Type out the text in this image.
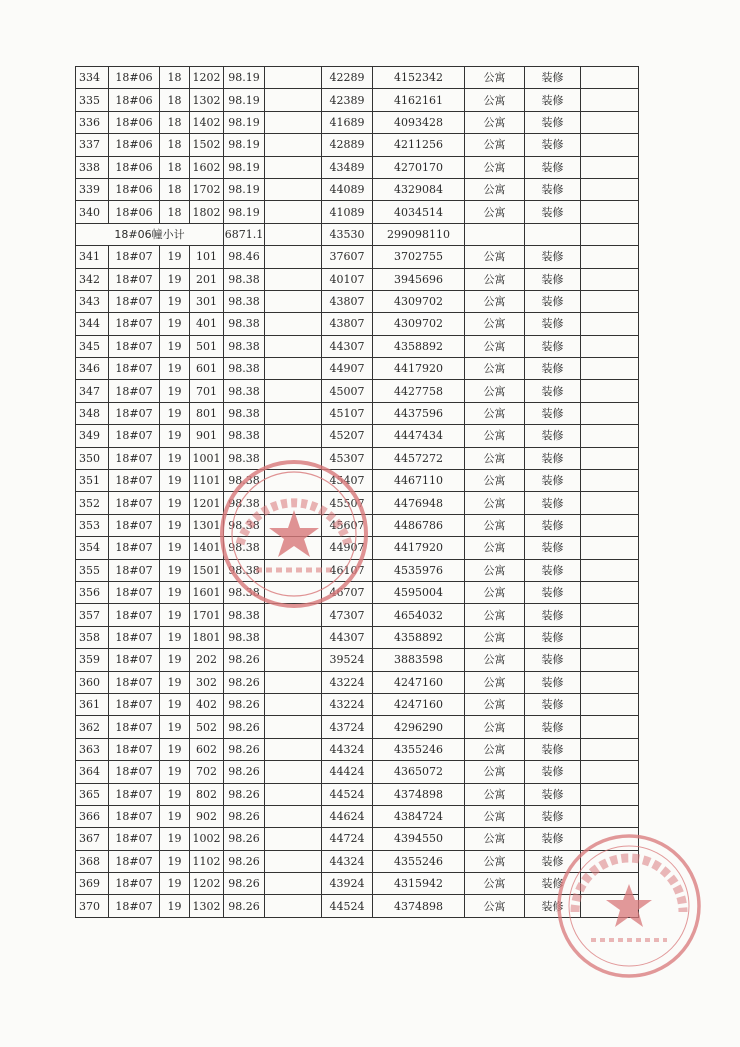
334	18#06	18	1202	98.19		42289	4152342	公寓	装修	
335	18#06	18	1302	98.19		42389	4162161	公寓	装修	
336	18#06	18	1402	98.19		41689	4093428	公寓	装修	
337	18#06	18	1502	98.19		42889	4211256	公寓	装修	
338	18#06	18	1602	98.19		43489	4270170	公寓	装修	
339	18#06	18	1702	98.19		44089	4329084	公寓	装修	
340	18#06	18	1802	98.19		41089	4034514	公寓	装修	
18#06幢小计				6871.1		43530	299098110			
341	18#07	19	101	98.46		37607	3702755	公寓	装修	
342	18#07	19	201	98.38		40107	3945696	公寓	装修	
343	18#07	19	301	98.38		43807	4309702	公寓	装修	
344	18#07	19	401	98.38		43807	4309702	公寓	装修	
345	18#07	19	501	98.38		44307	4358892	公寓	装修	
346	18#07	19	601	98.38		44907	4417920	公寓	装修	
347	18#07	19	701	98.38		45007	4427758	公寓	装修	
348	18#07	19	801	98.38		45107	4437596	公寓	装修	
349	18#07	19	901	98.38		45207	4447434	公寓	装修	
350	18#07	19	1001	98.38		45307	4457272	公寓	装修	
351	18#07	19	1101	98.38		45407	4467110	公寓	装修	
352	18#07	19	1201	98.38		45507	4476948	公寓	装修	
353	18#07	19	1301	98.38		45607	4486786	公寓	装修	
354	18#07	19	1401	98.38		44907	4417920	公寓	装修	
355	18#07	19	1501	98.38		46107	4535976	公寓	装修	
356	18#07	19	1601	98.38		46707	4595004	公寓	装修	
357	18#07	19	1701	98.38		47307	4654032	公寓	装修	
358	18#07	19	1801	98.38		44307	4358892	公寓	装修	
359	18#07	19	202	98.26		39524	3883598	公寓	装修	
360	18#07	19	302	98.26		43224	4247160	公寓	装修	
361	18#07	19	402	98.26		43224	4247160	公寓	装修	
362	18#07	19	502	98.26		43724	4296290	公寓	装修	
363	18#07	19	602	98.26		44324	4355246	公寓	装修	
364	18#07	19	702	98.26		44424	4365072	公寓	装修	
365	18#07	19	802	98.26		44524	4374898	公寓	装修	
366	18#07	19	902	98.26		44624	4384724	公寓	装修	
367	18#07	19	1002	98.26		44724	4394550	公寓	装修	
368	18#07	19	1102	98.26		44324	4355246	公寓	装修	
369	18#07	19	1202	98.26		43924	4315942	公寓	装修	
370	18#07	19	1302	98.26		44524	4374898	公寓	装修	
